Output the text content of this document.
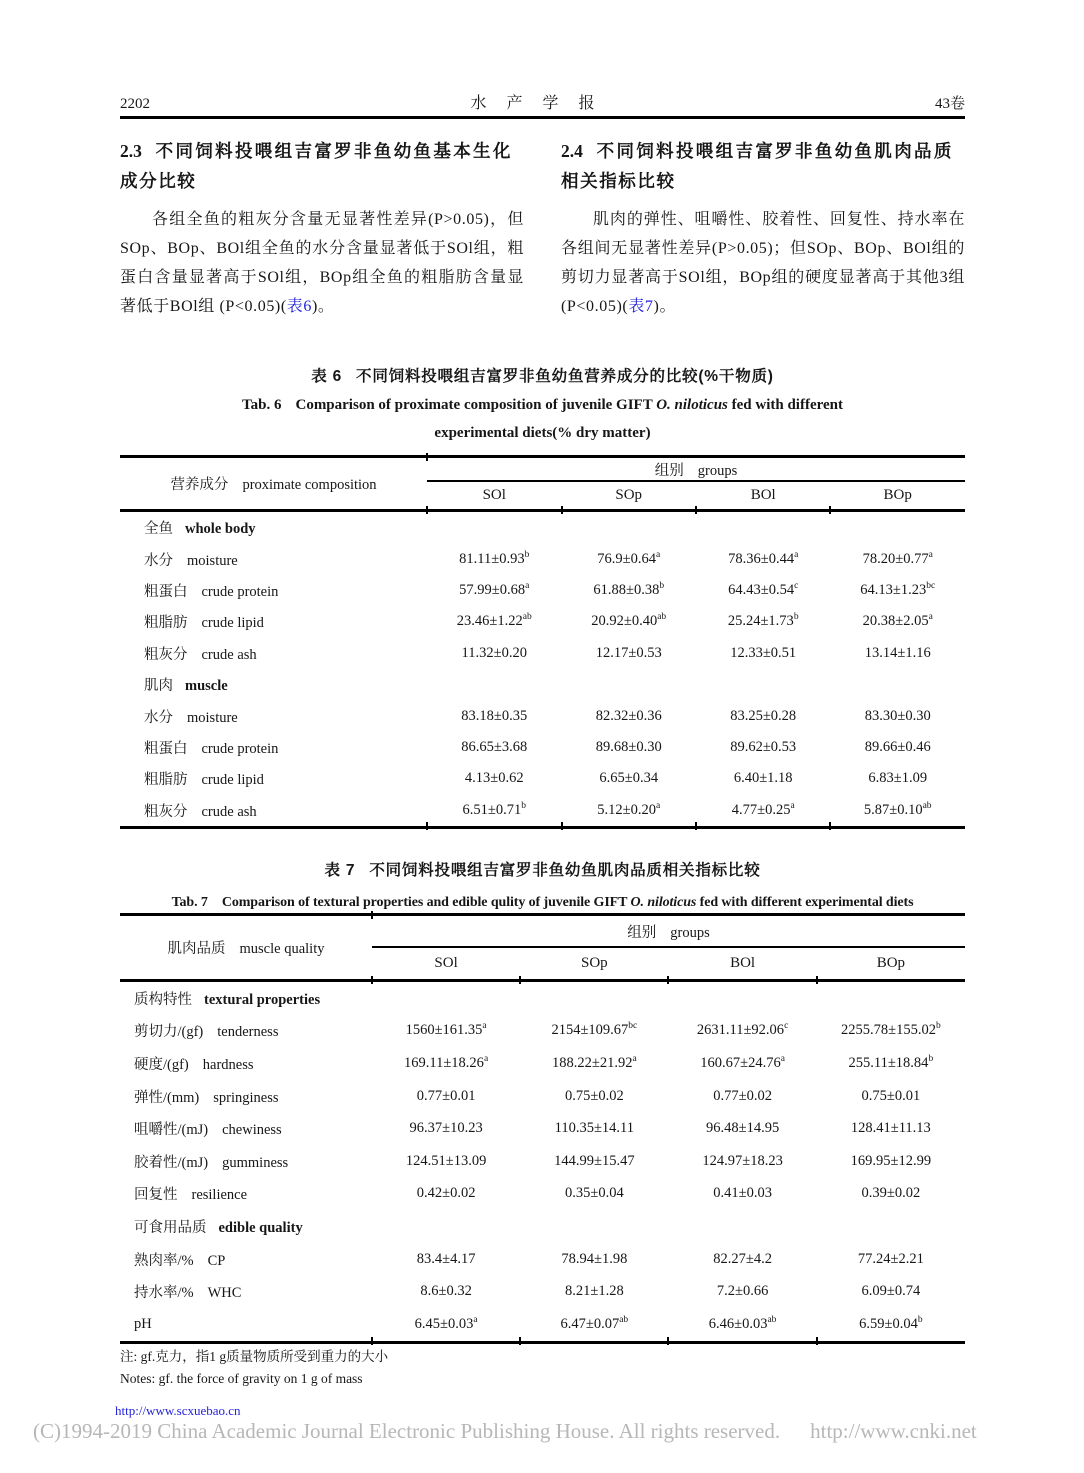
2202	水产学报	43卷
2.3 不同饲料投喂组吉富罗非鱼幼鱼基本生化成分比较

各组全鱼的粗灰分含量无显著性差异(P>0.05)，但SOp、BOp、BOl组全鱼的水分含量显著低于SOl组，粗蛋白含量显著高于SOl组，BOp组全鱼的粗脂肪含量显著低于BOl组 (P<0.05)(表6)。

2.4 不同饲料投喂组吉富罗非鱼幼鱼肌肉品质相关指标比较

肌肉的弹性、咀嚼性、胶着性、回复性、持水率在各组间无显著性差异(P>0.05)；但SOp、BOp、BOl组的剪切力显著高于SOl组，BOp组的硬度显著高于其他3组(P<0.05)(表7)。

表 6 不同饲料投喂组吉富罗非鱼幼鱼营养成分的比较(%干物质)
Tab. 6 Comparison of proximate composition of juvenile GIFT O. niloticus fed with different experimental diets(% dry matter)
营养成分 proximate composition	组别 groups			
	SOl	SOp	BOl	BOp
全鱼 whole body				
水分 moisture	81.11±0.93$^b$	76.9±0.64$^a$	78.36±0.44$^a$	78.20±0.77$^a$
粗蛋白 crude protein	57.99±0.68$^a$	61.88±0.38$^b$	64.43±0.54$^c$	64.13±1.23$^{bc}$
粗脂肪 crude lipid	23.46±1.22$^{ab}$	20.92±0.40$^{ab}$	25.24±1.73$^b$	20.38±2.05$^a$
粗灰分 crude ash	11.32±0.20	12.17±0.53	12.33±0.51	13.14±1.16
肌肉 muscle				
水分 moisture	83.18±0.35	82.32±0.36	83.25±0.28	83.30±0.30
粗蛋白 crude protein	86.65±3.68	89.68±0.30	89.62±0.53	89.66±0.46
粗脂肪 crude lipid	4.13±0.62	6.65±0.34	6.40±1.18	6.83±1.09
粗灰分 crude ash	6.51±0.71$^b$	5.12±0.20$^a$	4.77±0.25$^a$	5.87±0.10$^{ab}$
表 7 不同饲料投喂组吉富罗非鱼幼鱼肌肉品质相关指标比较
Tab. 7 Comparison of textural properties and edible qulity of juvenile GIFT O. niloticus fed with different experimental diets
肌肉品质 muscle quality	组别 groups			
	SOl	SOp	BOl	BOp
质构特性 textural properties				
剪切力/(gf) tenderness	1560±161.35$^a$	2154±109.67$^{bc}$	2631.11±92.06$^c$	2255.78±155.02$^b$
硬度/(gf) hardness	169.11±18.26$^a$	188.22±21.92$^a$	160.67±24.76$^a$	255.11±18.84$^b$
弹性/(mm) springiness	0.77±0.01	0.75±0.02	0.77±0.02	0.75±0.01
咀嚼性/(mJ) chewiness	96.37±10.23	110.35±14.11	96.48±14.95	128.41±11.13
胶着性/(mJ) gumminess	124.51±13.09	144.99±15.47	124.97±18.23	169.95±12.99
回复性 resilience	0.42±0.02	0.35±0.04	0.41±0.03	0.39±0.02
可食用品质 edible quality				
熟肉率/% CP	83.4±4.17	78.94±1.98	82.27±4.2	77.24±2.21
持水率/% WHC	8.6±0.32	8.21±1.28	7.2±0.66	6.09±0.74
pH	6.45±0.03$^a$	6.47±0.07$^{ab}$	6.46±0.03$^{ab}$	6.59±0.04$^b$
注: gf.克力，指1 g质量物质所受到重力的大小
Notes: gf. the force of gravity on 1 g of mass
http://www.scxuebao.cn
(C)1994-2019 China Academic Journal Electronic Publishing House. All rights reserved. http://www.cnki.net
